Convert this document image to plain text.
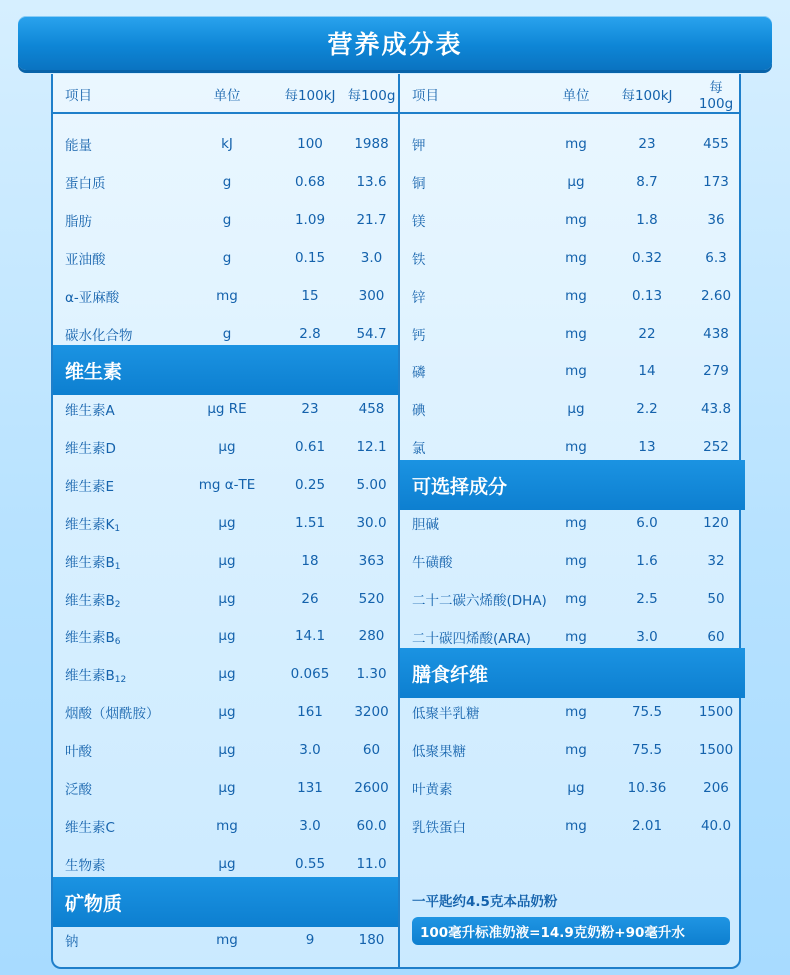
营养成分表
项目	单位	每100kJ 每100g
能量	kJ	100	1988
蛋白质	g	0.68	13.6
脂肪	g	1.09	21.7
亚油酸	g	0.15	3.0
α-亚麻酸	mg	15	300
碳水化合物	g	2.8	54.7
维生素
维生素A	µg RE	23	458
维生素D	µg	0.61	12.1
维生素E	mg α-TE	0.25	5.00
维生素$K_1$	µg	1.51	30.0
维生素$B_1$	µg	18	363
维生素$B_2$	µg	26	520
维生素$B_6$	µg	14.1	280
维生素$B_{12}$	µg	0.065	1.30
烟酸（烟酰胺）	µg	161	3200
叶酸	µg	3.0	60
泛酸	µg	131	2600
维生素C	mg	3.0	60.0
生物素	µg	0.55	11.0
矿物质
钠	mg	9	180
项目	单位	每100kJ	每100g
一平匙约4.5克本品奶粉
100毫升标准奶液=14.9克奶粉+90毫升水
钾	mg	23	455
铜	µg	8.7	173
镁	mg	1.8	36
铁	mg	0.32	6.3
锌	mg	0.13	2.60
钙	mg	22	438
磷	mg	14	279
碘	µg	2.2	43.8
氯	mg	13	252
可选择成分
胆碱	mg	6.0	120
牛磺酸	mg	1.6	32
二十二碳六烯酸(DHA)	mg	2.5	50
二十碳四烯酸(ARA)	mg	3.0	60
膳食纤维
低聚半乳糖	mg	75.5	1500
低聚果糖	mg	75.5	1500
叶黄素	µg	10.36	206
乳铁蛋白	mg	2.01	40.0
